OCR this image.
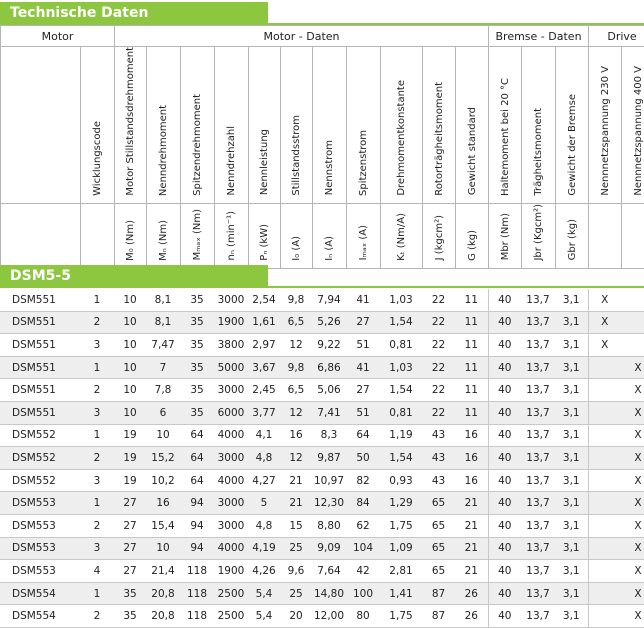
Technische Daten
Motor		Motor - Daten											Bremse - Daten			Drive	
	Wicklungscode	Motor Stillstandsdrehmoment	Nenndrehmoment	Spitzendrehmoment	Nenndrehzahl	Nennleistung	Stillstandsstrom	Nennstrom	Spitzenstrom	Drehmomentkonstante	Rotorträgheitsmoment	Gewicht standard	Haltemoment bei 20 °C	Trägheitsmoment	Gewicht der Bremse	Nennnetzspannung 230 V	Nennnetzspannung 400 V
		M₀ (Nm)	Mₙ (Nm)	Mₘₐₓ (Nm)	nₙ (min⁻¹)	Pₙ (kW)	I₀ (A)	Iₙ (A)	Iₘₐₓ (A)	Kₜ (Nm/A)	J (kgcm²)	G (kg)	Mbr (Nm)	Jbr (Kgcm²)	Gbr (kg)		
DSM5-5
DSM551	1	10	8,1	35	3000	2,54	9,8	7,94	41	1,03	22	11	40	13,7	3,1	X	
DSM551	2	10	8,1	35	1900	1,61	6,5	5,26	27	1,54	22	11	40	13,7	3,1	X	
DSM551	3	10	7,47	35	3800	2,97	12	9,22	51	0,81	22	11	40	13,7	3,1	X	
DSM551	1	10	7	35	5000	3,67	9,8	6,86	41	1,03	22	11	40	13,7	3,1		X
DSM551	2	10	7,8	35	3000	2,45	6,5	5,06	27	1,54	22	11	40	13,7	3,1		X
DSM551	3	10	6	35	6000	3,77	12	7,41	51	0,81	22	11	40	13,7	3,1		X
DSM552	1	19	10	64	4000	4,1	16	8,3	64	1,19	43	16	40	13,7	3,1		X
DSM552	2	19	15,2	64	3000	4,8	12	9,87	50	1,54	43	16	40	13,7	3,1		X
DSM552	3	19	10,2	64	4000	4,27	21	10,97	82	0,93	43	16	40	13,7	3,1		X
DSM553	1	27	16	94	3000	5	21	12,30	84	1,29	65	21	40	13,7	3,1		X
DSM553	2	27	15,4	94	3000	4,8	15	8,80	62	1,75	65	21	40	13,7	3,1		X
DSM553	3	27	10	94	4000	4,19	25	9,09	104	1,09	65	21	40	13,7	3,1		X
DSM553	4	27	21,4	118	1900	4,26	9,6	7,64	42	2,81	65	21	40	13,7	3,1		X
DSM554	1	35	20,8	118	2500	5,4	25	14,80	100	1,41	87	26	40	13,7	3,1		X
DSM554	2	35	20,8	118	2500	5,4	20	12,00	80	1,75	87	26	40	13,7	3,1		X
